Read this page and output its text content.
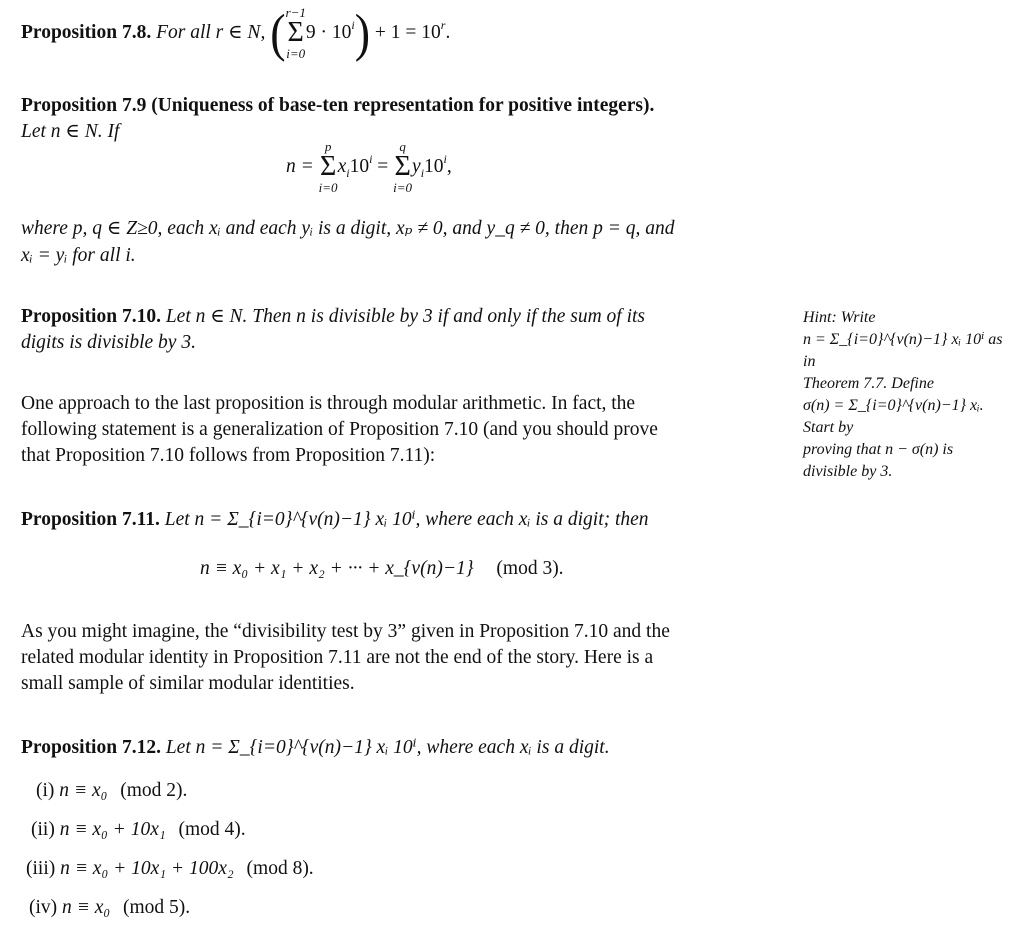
Proposition 7.8. For all r ∈ N, ( r−1
Σ
i=0
$9 \cdot 10^i) + 1 = 10^r$.
Proposition 7.9 (Uniqueness of base-ten representation for positive integers).
Let n ∈ N. If
n =
p
Σ
i=0
$x_i10^i$ =
q
Σ
i=0
$y_i10^i$,
where p, q ∈ Z≥0, each xᵢ and each yᵢ is a digit, xₚ ≠ 0, and y_q ≠ 0, then p = q, and
xᵢ = yᵢ for all i.
Proposition 7.10. Let n ∈ N. Then n is divisible by 3 if and only if the sum of its
digits is divisible by 3.
Hint: Write
n = Σ_{i=0}^{ν(n)−1} xᵢ 10ⁱ as in
Theorem 7.7. Define
σ(n) = Σ_{i=0}^{ν(n)−1} xᵢ. Start by
proving that n − σ(n) is
divisible by 3.
One approach to the last proposition is through modular arithmetic. In fact, the
following statement is a generalization of Proposition 7.10 (and you should prove
that Proposition 7.10 follows from Proposition 7.11):
Proposition 7.11. Let n = Σ_{i=0}^{ν(n)−1} xᵢ 10ⁱ, where each xᵢ is a digit; then
n ≡ x₀ + x₁ + x₂ + ··· + x_{ν(n)−1} (mod 3).
As you might imagine, the “divisibility test by 3” given in Proposition 7.10 and the
related modular identity in Proposition 7.11 are not the end of the story. Here is a
small sample of similar modular identities.
Proposition 7.12. Let n = Σ_{i=0}^{ν(n)−1} xᵢ 10ⁱ, where each xᵢ is a digit.
(i) n ≡ x₀ (mod 2).
(ii) n ≡ x₀ + 10x₁ (mod 4).
(iii) n ≡ x₀ + 10x₁ + 100x₂ (mod 8).
(iv) n ≡ x₀ (mod 5).
